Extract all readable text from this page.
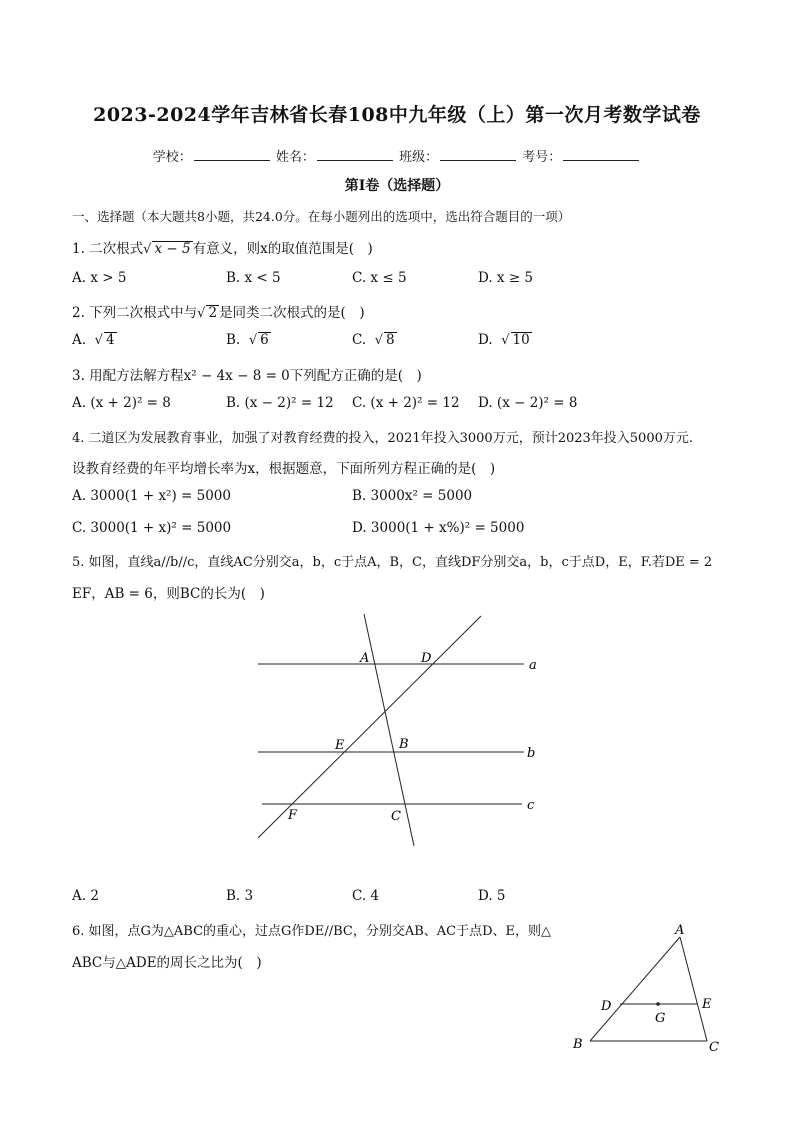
2023-2024学年吉林省长春108中九年级（上）第一次月考数学试卷
学校：	姓名：	班级：	考号：
第I卷（选择题）
一、选择题（本大题共8小题，共24.0分。在每小题列出的选项中，选出符合题目的一项）
1. 二次根式√ x − 5 有意义，则x的取值范围是(　)
A. x > 5	B. x < 5	C. x ≤ 5	D. x ≥ 5
2. 下列二次根式中与√ 2 是同类二次根式的是(　)
A. √ 4	B. √ 6	C. √ 8	D. √ 10
3. 用配方法解方程x² − 4x − 8 = 0下列配方正确的是(　)
A. (x + 2)² = 8	B. (x − 2)² = 12 C. (x + 2)² = 12 D. (x − 2)² = 8
4. 二道区为发展教育事业，加强了对教育经费的投入，2021年投入3000万元，预计2023年投入5000万元.
设教育经费的年平均增长率为x，根据题意，下面所列方程正确的是(　)
A. 3000(1 + x²) = 5000	B. 3000x² = 5000
C. 3000(1 + x)² = 5000	D. 3000(1 + x%)² = 5000
5. 如图，直线a//b//c，直线AC分别交a，b，c于点A，B，C，直线DF分别交a，b，c于点D，E，F.若DE = 2
EF，AB = 6，则BC的长为(　)
A	D	a
E	B
b
F	C
c
A. 2	B. 3	C. 4	D. 5
6. 如图，点G为△ABC的重心，过点G作DE//BC，分别交AB、AC于点D、E，则△
ABC与△ADE的周长之比为(　)
A
D	E
G
B	C
